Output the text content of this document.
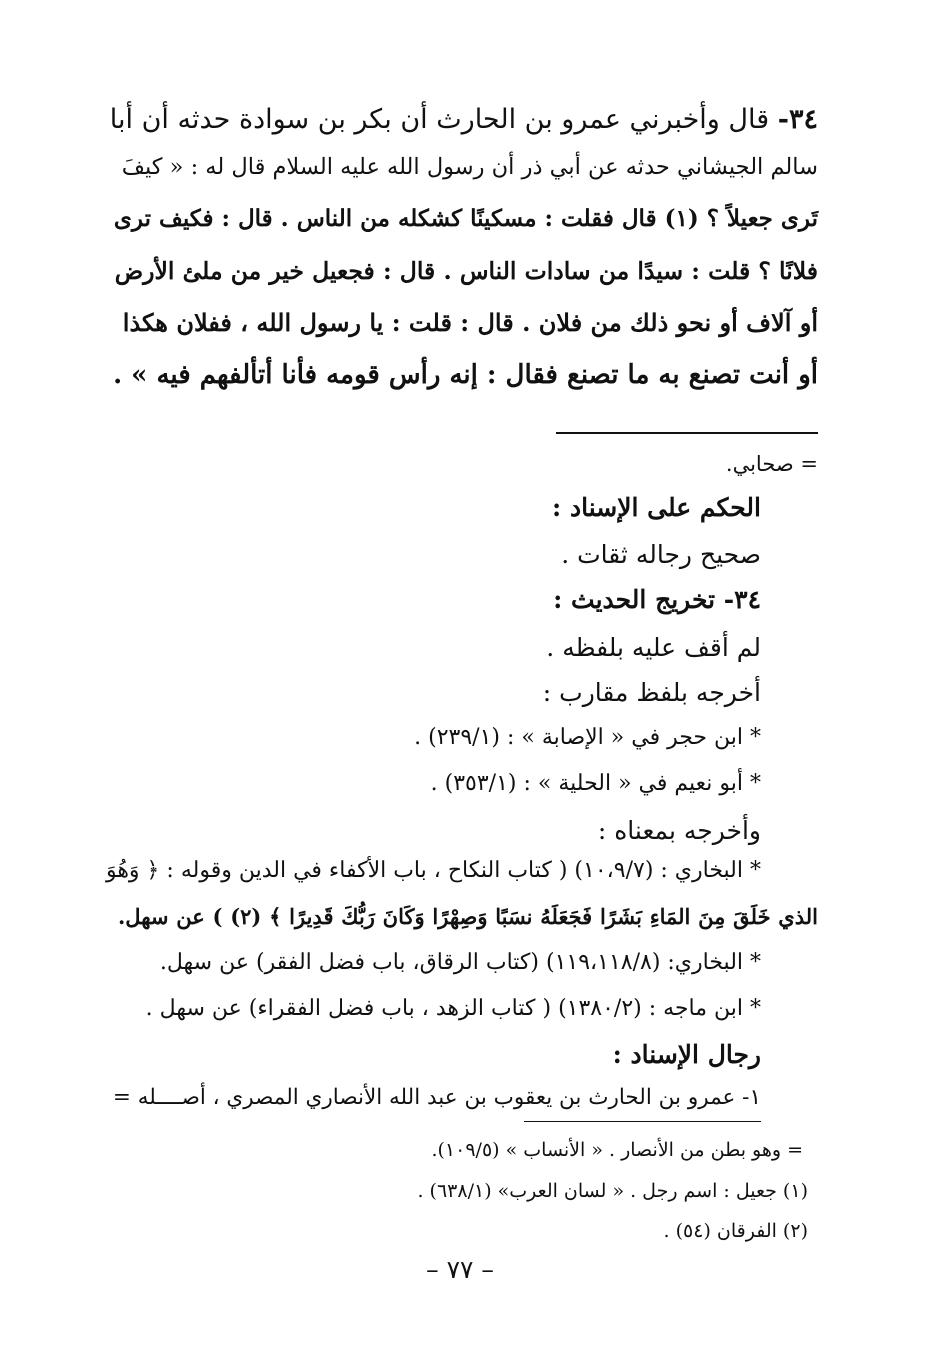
٣٤- قال وأخبرني عمرو بن الحارث أن بكر بن سوادة حدثه أن أبا

سالم الجيشاني حدثه عن أبي ذر أن رسول الله عليه السلام قال له : « كيفَ

تَرى جعيلاً ؟ (١) قال فقلت : مسكينًا كشكله من الناس . قال : فكيف ترى

فلانًا ؟ قلت : سيدًا من سادات الناس . قال : فجعيل خير من ملئ الأرض

أو آلاف أو نحو ذلك من فلان . قال : قلت : يا رسول الله ، ففلان هكذا

أو أنت تصنع به ما تصنع فقال : إنه رأس قومه فأنا أتألفهم فيه » .

= صحابي.

الحكم على الإسناد :

صحيح رجاله ثقات .

٣٤- تخريج الحديث :

لم أقف عليه بلفظه .

أخرجه بلفظ مقارب :

* ابن حجر في « الإصابة » : (٢٣٩/١) .

* أبو نعيم في « الحلية » : (٣٥٣/١) .

وأخرجه بمعناه :

* البخاري : (١٠،٩/٧) ( كتاب النكاح ، باب الأكفاء في الدين وقوله : ﴿ وَهُوَ

الذي خَلَقَ مِنَ المَاءِ بَشَرًا فَجَعَلَهُ نسَبًا وَصِهْرًا وَكَانَ رَبُّكَ قَدِيرًا ﴾ (٢) ) عن سهل.

* البخاري: (١١٩،١١٨/٨) (كتاب الرقاق، باب فضل الفقر) عن سهل.

* ابن ماجه : (١٣٨٠/٢) ( كتاب الزهد ، باب فضل الفقراء) عن سهل .

رجال الإسناد :

١- عمرو بن الحارث بن يعقوب بن عبد الله الأنصاري المصري ، أصــــله =

= وهو بطن من الأنصار . « الأنساب » (١٠٩/٥).

(١) جعيل : اسم رجل . « لسان العرب» (٦٣٨/١) .

(٢) الفرقان (٥٤) .

– ٧٧ –
